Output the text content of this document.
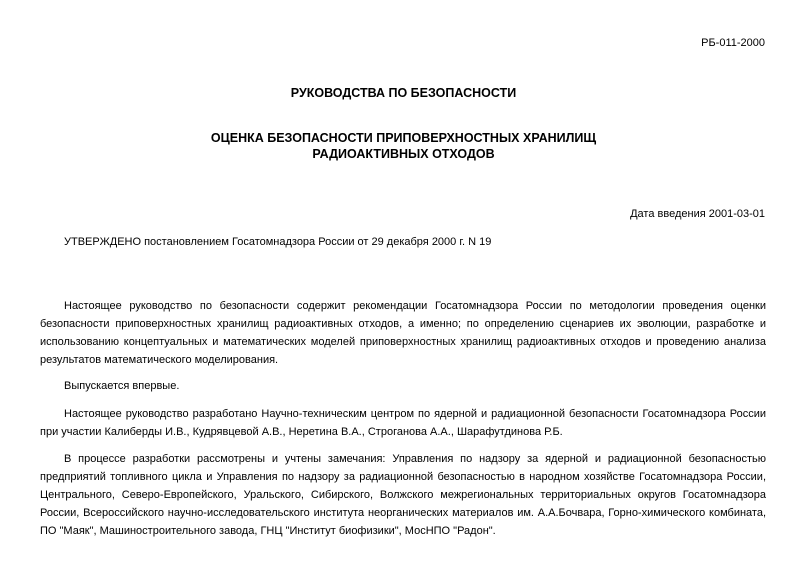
РБ-011-2000
РУКОВОДСТВА ПО БЕЗОПАСНОСТИ
ОЦЕНКА БЕЗОПАСНОСТИ ПРИПОВЕРХНОСТНЫХ ХРАНИЛИЩ
РАДИОАКТИВНЫХ ОТХОДОВ
Дата введения 2001-03-01
УТВЕРЖДЕНО постановлением Госатомнадзора России от 29 декабря 2000 г. N 19
Настоящее руководство по безопасности содержит рекомендации Госатомнадзора России по методологии проведения оценки безопасности приповерхностных хранилищ радиоактивных отходов, а именно; по определению сценариев их эволюции, разработке и использованию концептуальных и математических моделей приповерхностных хранилищ радиоактивных отходов и проведению анализа результатов математического моделирования.
Выпускается впервые.
Настоящее руководство разработано Научно-техническим центром по ядерной и радиационной безопасности Госатомнадзора России при участии Калиберды И.В., Кудрявцевой А.В., Неретина В.А., Строганова А.А., Шарафутдинова Р.Б.
В процессе разработки рассмотрены и учтены замечания: Управления по надзору за ядерной и радиационной безопасностью предприятий топливного цикла и Управления по надзору за радиационной безопасностью в народном хозяйстве Госатомнадзора России, Центрального, Северо-Европейского, Уральского, Сибирского, Волжского межрегиональных территориальных округов Госатомнадзора России, Всероссийского научно-исследовательского института неорганических материалов им. А.А.Бочвара, Горно-химического комбината, ПО "Маяк", Машиностроительного завода, ГНЦ "Институт биофизики", МосНПО "Радон".
